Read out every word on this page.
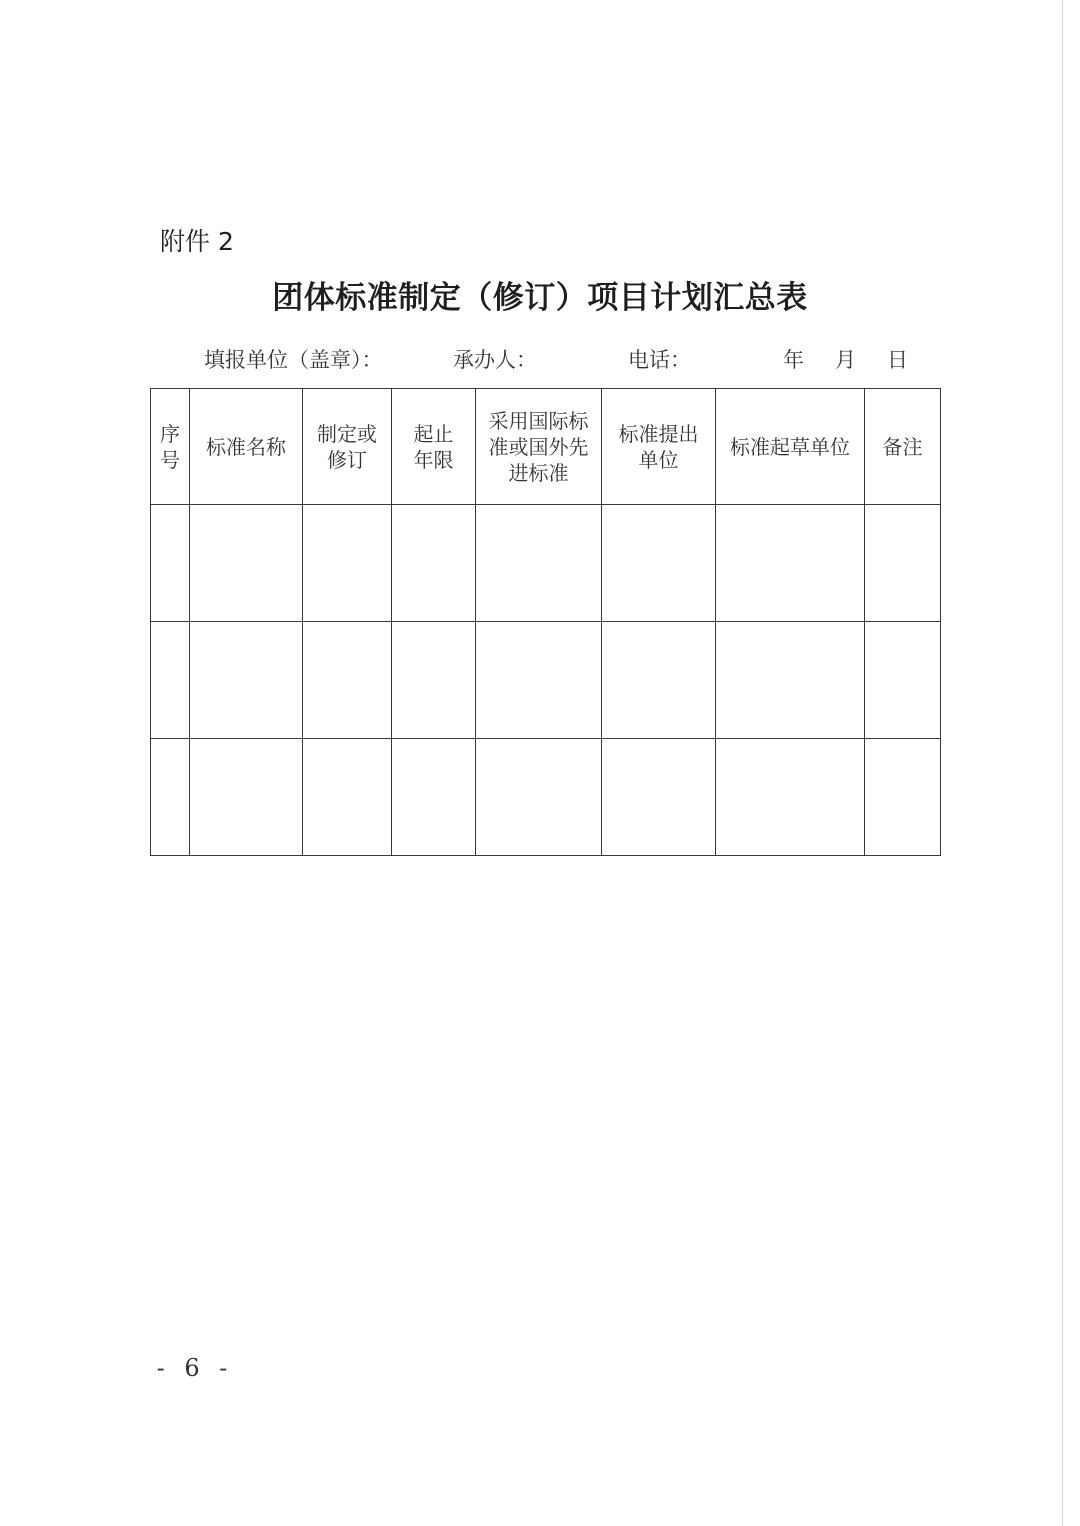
附件 2
团体标准制定（修订）项目计划汇总表
填报单位（盖章）：	承办人：	电话：	年 月 日
序号	标准名称	制定或修订	起止年限	采用国际标准或国外先进标准	标准提出单位	标准起草单位	备注

- 6 -
